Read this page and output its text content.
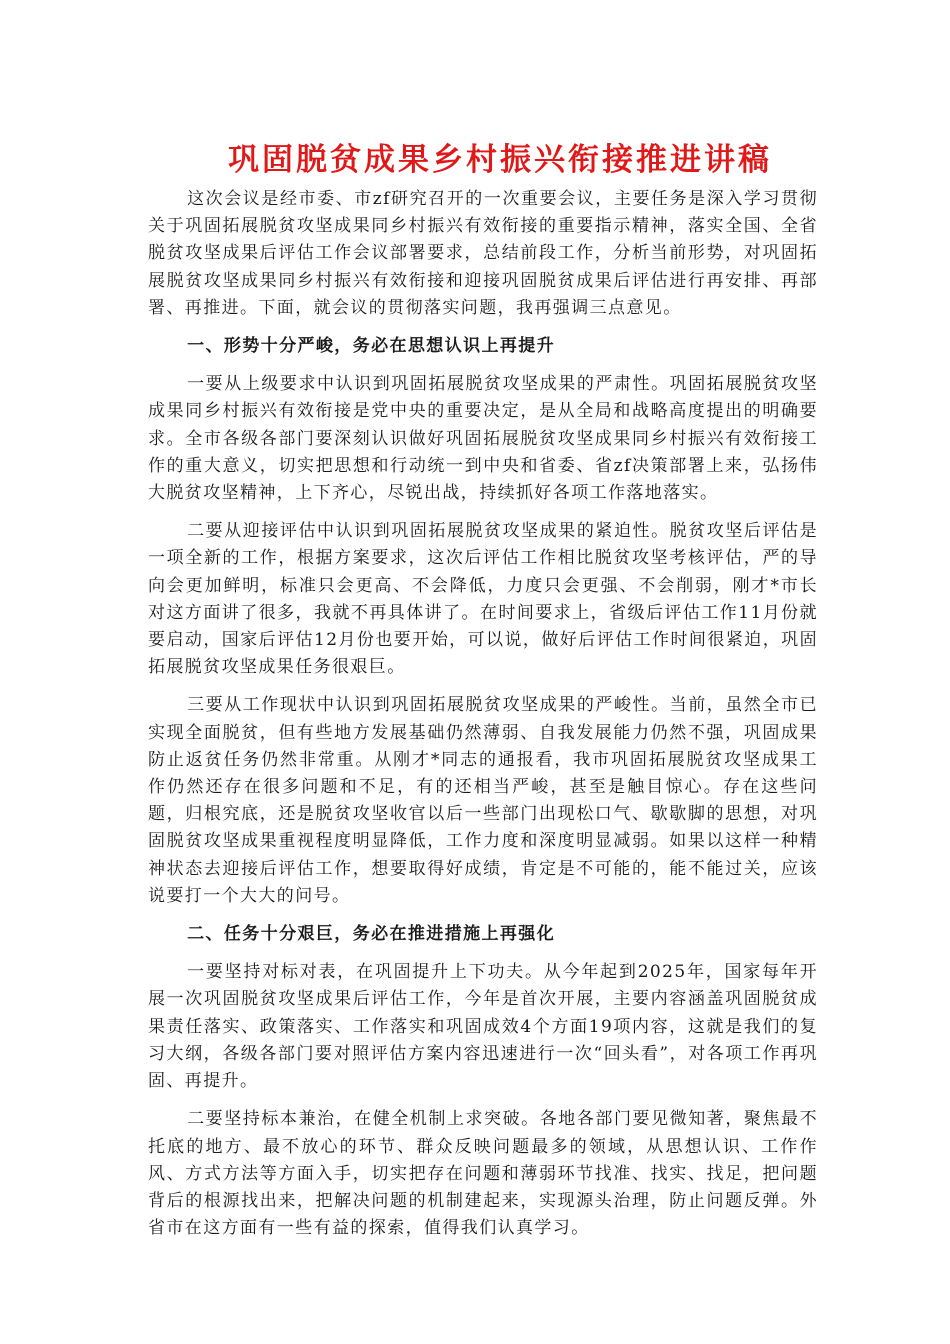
巩固脱贫成果乡村振兴衔接推进讲稿

这次会议是经市委、市zf研究召开的一次重要会议，主要任务是深入学习贯彻关于巩固拓展脱贫攻坚成果同乡村振兴有效衔接的重要指示精神，落实全国、全省脱贫攻坚成果后评估工作会议部署要求，总结前段工作，分析当前形势，对巩固拓展脱贫攻坚成果同乡村振兴有效衔接和迎接巩固脱贫成果后评估进行再安排、再部署、再推进。下面，就会议的贯彻落实问题，我再强调三点意见。

一、形势十分严峻，务必在思想认识上再提升

一要从上级要求中认识到巩固拓展脱贫攻坚成果的严肃性。巩固拓展脱贫攻坚成果同乡村振兴有效衔接是党中央的重要决定，是从全局和战略高度提出的明确要求。全市各级各部门要深刻认识做好巩固拓展脱贫攻坚成果同乡村振兴有效衔接工作的重大意义，切实把思想和行动统一到中央和省委、省zf决策部署上来，弘扬伟大脱贫攻坚精神，上下齐心，尽锐出战，持续抓好各项工作落地落实。

二要从迎接评估中认识到巩固拓展脱贫攻坚成果的紧迫性。脱贫攻坚后评估是一项全新的工作，根据方案要求，这次后评估工作相比脱贫攻坚考核评估，严的导向会更加鲜明，标准只会更高、不会降低，力度只会更强、不会削弱，刚才*市长对这方面讲了很多，我就不再具体讲了。在时间要求上，省级后评估工作11月份就要启动，国家后评估12月份也要开始，可以说，做好后评估工作时间很紧迫，巩固拓展脱贫攻坚成果任务很艰巨。

三要从工作现状中认识到巩固拓展脱贫攻坚成果的严峻性。当前，虽然全市已实现全面脱贫，但有些地方发展基础仍然薄弱、自我发展能力仍然不强，巩固成果防止返贫任务仍然非常重。从刚才*同志的通报看，我市巩固拓展脱贫攻坚成果工作仍然还存在很多问题和不足，有的还相当严峻，甚至是触目惊心。存在这些问题，归根究底，还是脱贫攻坚收官以后一些部门出现松口气、歇歇脚的思想，对巩固脱贫攻坚成果重视程度明显降低，工作力度和深度明显减弱。如果以这样一种精神状态去迎接后评估工作，想要取得好成绩，肯定是不可能的，能不能过关，应该说要打一个大大的问号。

二、任务十分艰巨，务必在推进措施上再强化

一要坚持对标对表，在巩固提升上下功夫。从今年起到2025年，国家每年开展一次巩固脱贫攻坚成果后评估工作，今年是首次开展，主要内容涵盖巩固脱贫成果责任落实、政策落实、工作落实和巩固成效4个方面19项内容，这就是我们的复习大纲，各级各部门要对照评估方案内容迅速进行一次“回头看”，对各项工作再巩固、再提升。

二要坚持标本兼治，在健全机制上求突破。各地各部门要见微知著，聚焦最不托底的地方、最不放心的环节、群众反映问题最多的领域，从思想认识、工作作风、方式方法等方面入手，切实把存在问题和薄弱环节找准、找实、找足，把问题背后的根源找出来，把解决问题的机制建起来，实现源头治理，防止问题反弹。外省市在这方面有一些有益的探索，值得我们认真学习。
